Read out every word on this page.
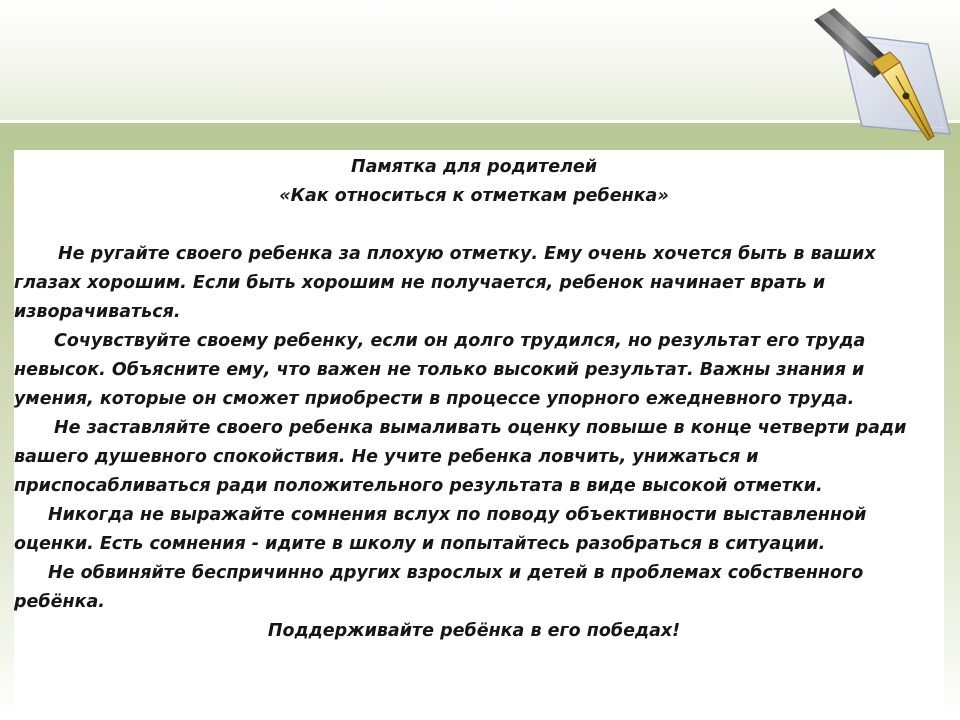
Памятка для родителей
«Как относиться к отметкам ребенка»

Не ругайте своего ребенка за плохую отметку. Ему очень хочется быть в ваших глазах хорошим. Если быть хорошим не получается, ребенок начинает врать и изворачиваться.

Сочувствуйте своему ребенку, если он долго трудился, но результат его труда невысок. Объясните ему, что важен не только высокий результат. Важны знания и умения, которые он сможет приобрести в процессе упорного ежедневного труда.

Не заставляйте своего ребенка вымаливать оценку повыше в конце четверти ради вашего душевного спокойствия. Не учите ребенка ловчить, унижаться и приспосабливаться ради положительного результата в виде высокой отметки.

Никогда не выражайте сомнения вслух по поводу объективности выставленной оценки. Есть сомнения - идите в школу и попытайтесь разобраться в ситуации.

Не обвиняйте беспричинно других взрослых и детей в проблемах собственного ребёнка.

Поддерживайте ребёнка в его победах!
